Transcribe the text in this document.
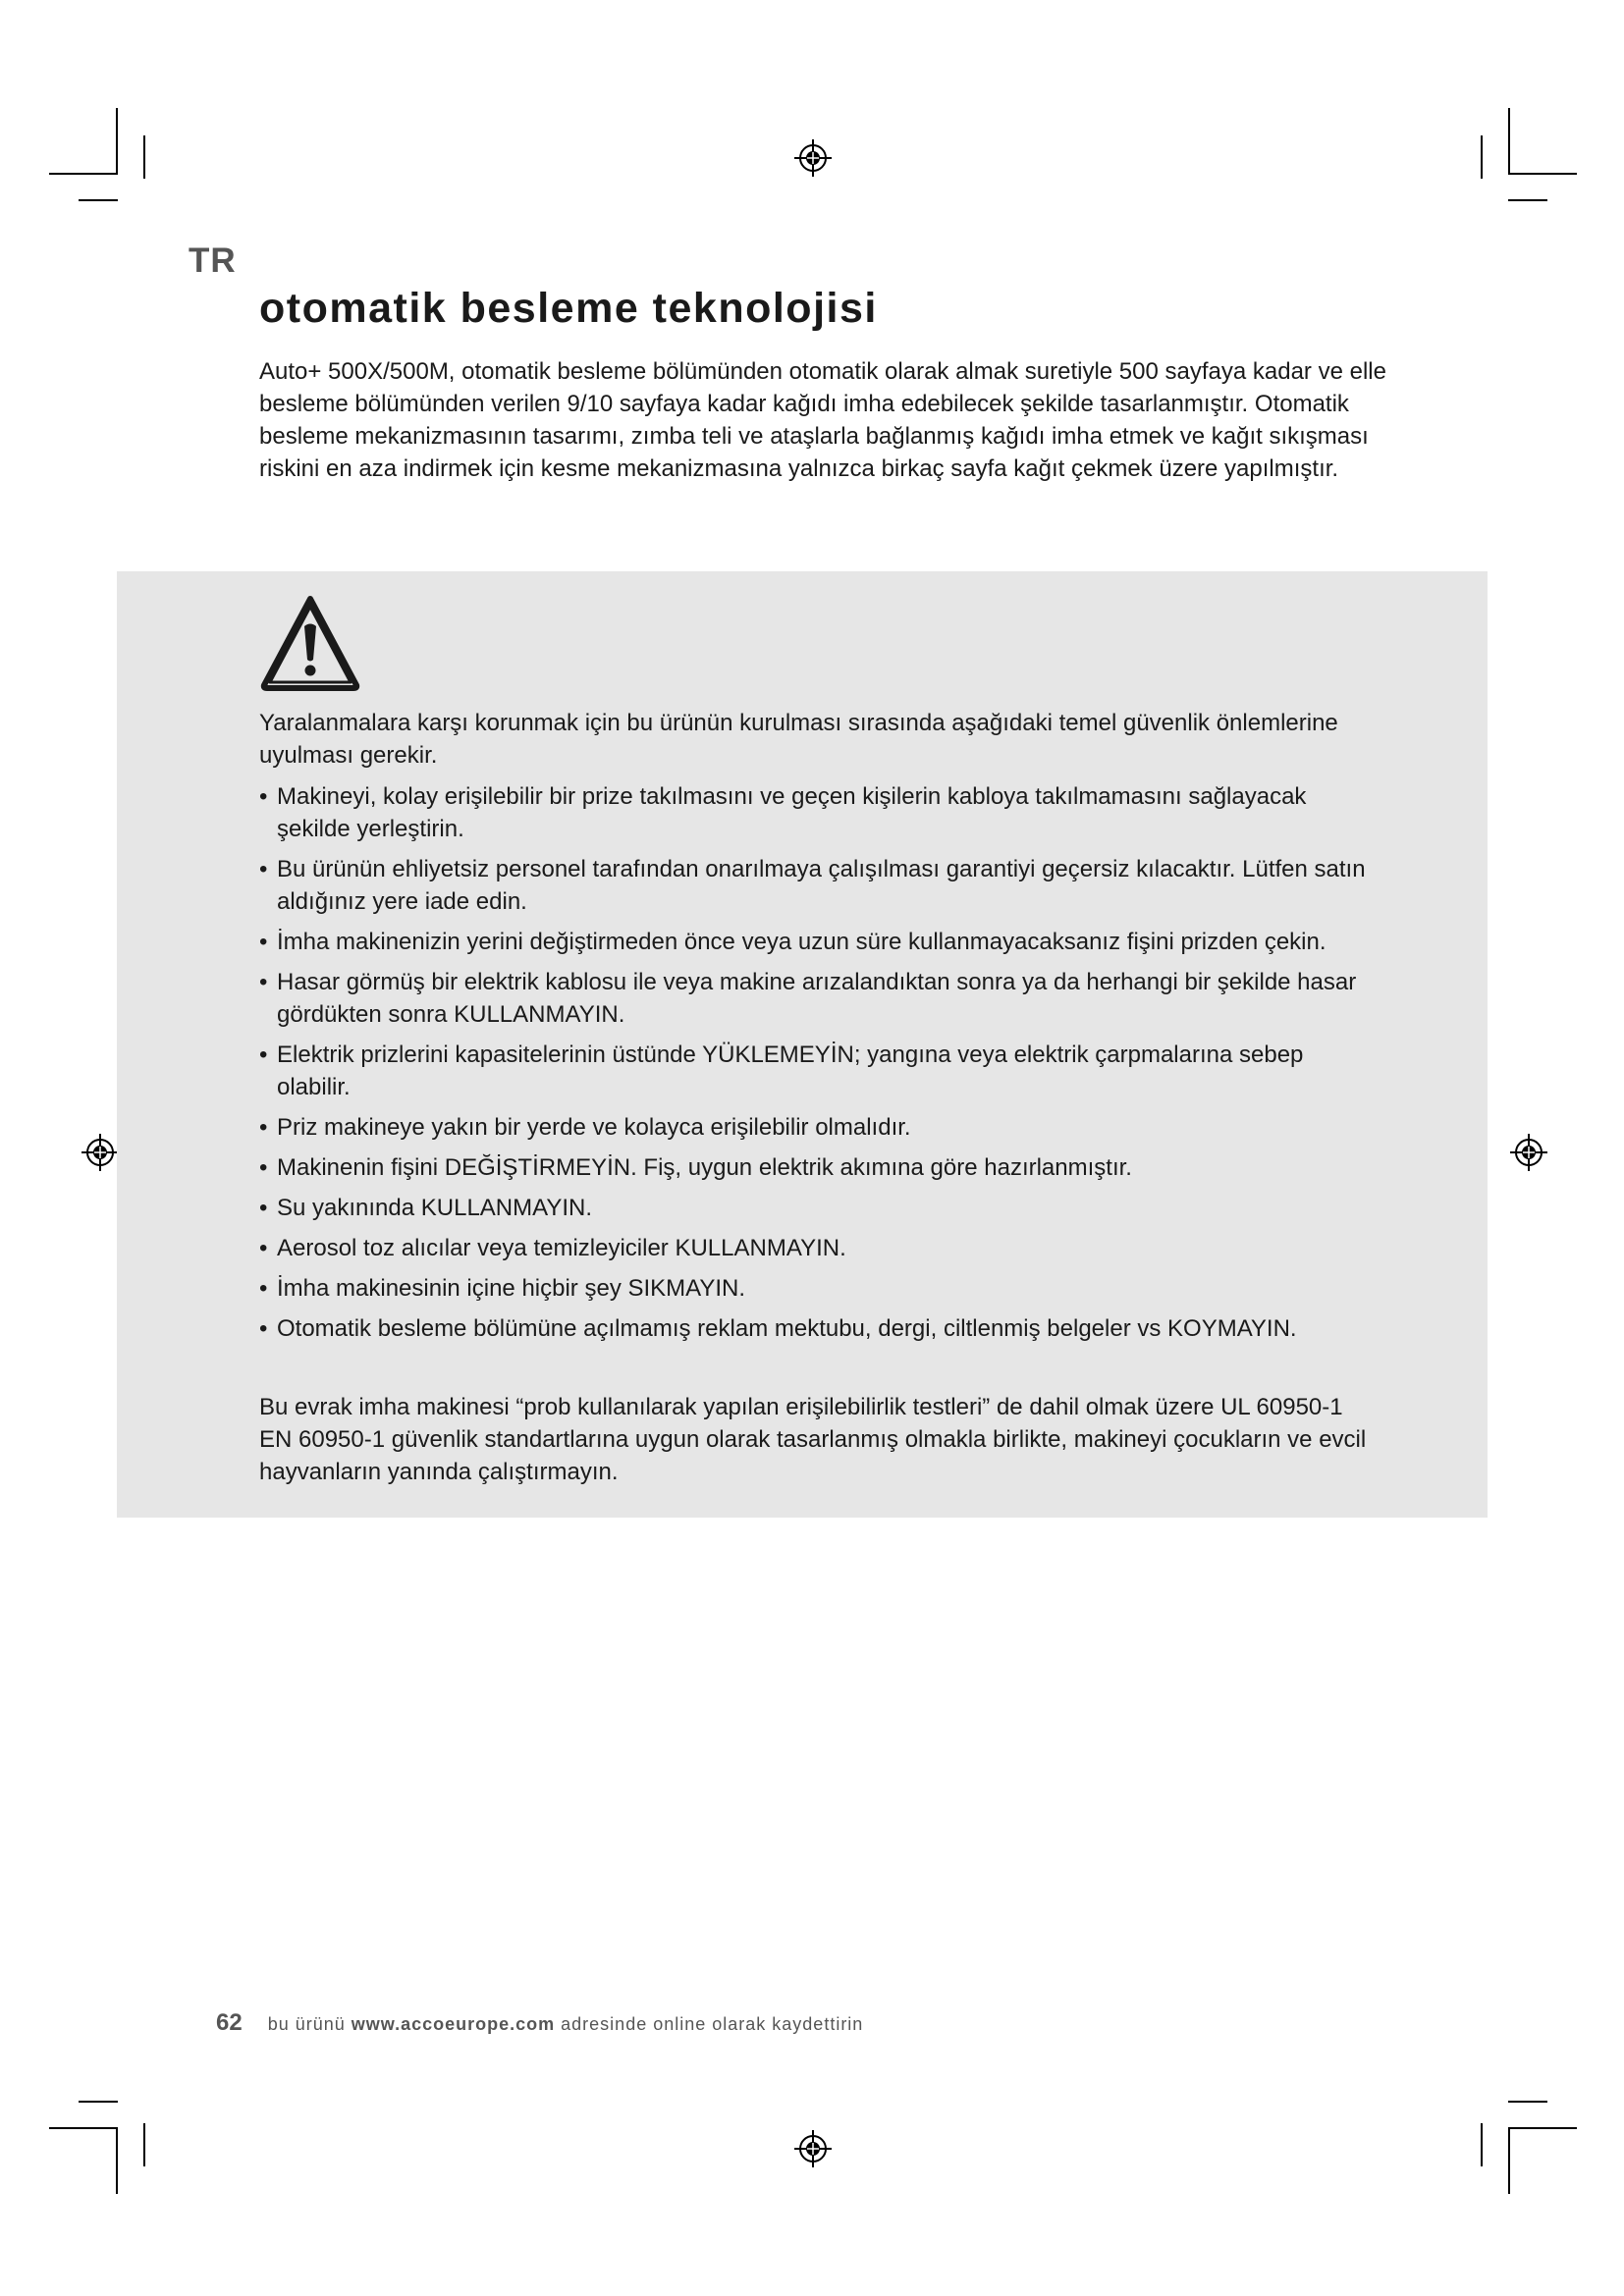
TR
otomatik besleme teknolojisi

Auto+ 500X/500M, otomatik besleme bölümünden otomatik olarak almak suretiyle 500 sayfaya kadar ve elle besleme bölümünden verilen 9/10 sayfaya kadar kağıdı imha edebilecek şekilde tasarlanmıştır. Otomatik besleme mekanizmasının tasarımı, zımba teli ve ataşlarla bağlanmış kağıdı imha etmek ve kağıt sıkışması riskini en aza indirmek için kesme mekanizmasına yalnızca birkaç sayfa kağıt çekmek üzere yapılmıştır.

Yaralanmalara karşı korunmak için bu ürünün kurulması sırasında aşağıdaki temel güvenlik önlemlerine uyulması gerekir.

• Makineyi, kolay erişilebilir bir prize takılmasını ve geçen kişilerin kabloya takılmamasını sağlayacak şekilde yerleştirin.
• Bu ürünün ehliyetsiz personel tarafından onarılmaya çalışılması garantiyi geçersiz kılacaktır. Lütfen satın aldığınız yere iade edin.
• İmha makinenizin yerini değiştirmeden önce veya uzun süre kullanmayacaksanız fişini prizden çekin.
• Hasar görmüş bir elektrik kablosu ile veya makine arızalandıktan sonra ya da herhangi bir şekilde hasar gördükten sonra KULLANMAYIN.
• Elektrik prizlerini kapasitelerinin üstünde YÜKLEMEYİN; yangına veya elektrik çarpmalarına sebep olabilir.
• Priz makineye yakın bir yerde ve kolayca erişilebilir olmalıdır.
• Makinenin fişini DEĞİŞTİRMEYİN. Fiş, uygun elektrik akımına göre hazırlanmıştır.
• Su yakınında KULLANMAYIN.
• Aerosol toz alıcılar veya temizleyiciler KULLANMAYIN.
• İmha makinesinin içine hiçbir şey SIKMAYIN.
• Otomatik besleme bölümüne açılmamış reklam mektubu, dergi, ciltlenmiş belgeler vs KOYMAYIN.

Bu evrak imha makinesi “prob kullanılarak yapılan erişilebilirlik testleri” de dahil olmak üzere UL 60950-1 EN 60950-1 güvenlik standartlarına uygun olarak tasarlanmış olmakla birlikte, makineyi çocukların ve evcil hayvanların yanında çalıştırmayın.

62 bu ürünü www.accoeurope.com adresinde online olarak kaydettirin
